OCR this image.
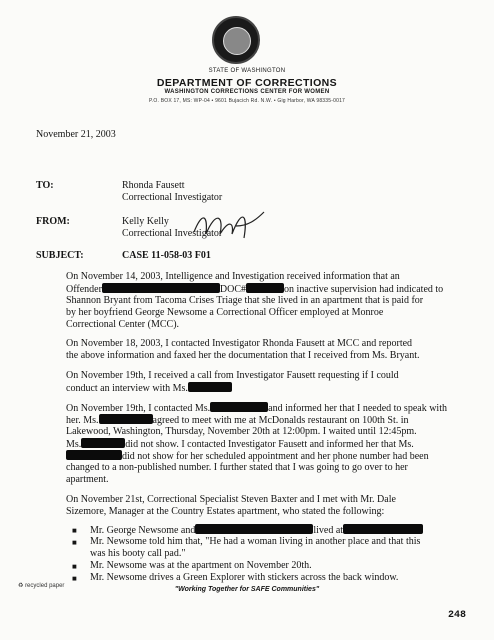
STATE OF WASHINGTON
DEPARTMENT OF CORRECTIONS
WASHINGTON CORRECTIONS CENTER FOR WOMEN
P.O. BOX 17, MS: WP-04 • 9601 Bujacich Rd. N.W. • Gig Harbor, WA 98335-0017
November 21, 2003
TO:	Rhonda Fausett
Correctional Investigator
FROM:	Kelly Kelly
Correctional Investigator
SUBJECT:	CASE 11-058-03 F01
On November 14, 2003, Intelligence and Investigation received information that an
Offender	DOC#	on inactive supervision had indicated to
Shannon Bryant from Tacoma Crises Triage that she lived in an apartment that is paid for
by her boyfriend George Newsome a Correctional Officer employed at Monroe
Correctional Center (MCC).
On November 18, 2003, I contacted Investigator Rhonda Fausett at MCC and reported
the above information and faxed her the documentation that I received from Ms. Bryant.
On November 19th, I received a call from Investigator Fausett requesting if I could
conduct an interview with Ms.
On November 19th, I contacted Ms.	and informed her that I needed to speak with
her. Ms.	agreed to meet with me at McDonalds restaurant on 100th St. in
Lakewood, Washington, Thursday, November 20th at 12:00pm. I waited until 12:45pm.
Ms.	did not show. I contacted Investigator Fausett and informed her that Ms.
did not show for her scheduled appointment and her phone number had been
changed to a non-published number. I further stated that I was going to go over to her
apartment.
On November 21st, Correctional Specialist Steven Baxter and I met with Mr. Dale
Sizemore, Manager at the Country Estates apartment, who stated the following:
■ Mr. George Newsome and	lived at
■ Mr. Newsome told him that, "He had a woman living in another place and that this
was his booty call pad."
■ Mr. Newsome was at the apartment on November 20th.
■ Mr. Newsome drives a Green Explorer with stickers across the back window.
♻ recycled paper	"Working Together for SAFE Communities"
248
